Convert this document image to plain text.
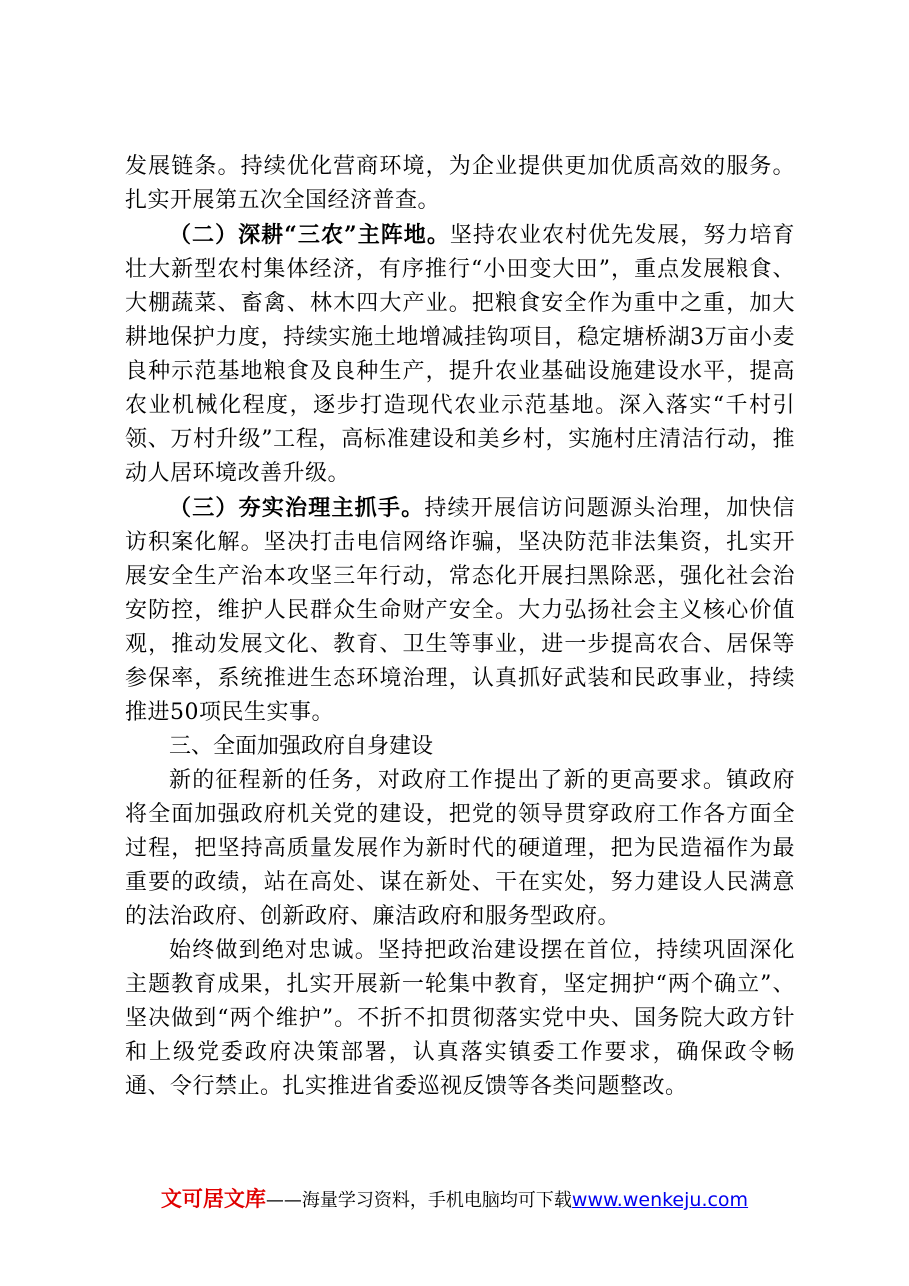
发展链条。持续优化营商环境，为企业提供更加优质高效的服务。扎实开展第五次全国经济普查。

（二）深耕“三农”主阵地。坚持农业农村优先发展，努力培育壮大新型农村集体经济，有序推行“小田变大田”，重点发展粮食、大棚蔬菜、畜禽、林木四大产业。把粮食安全作为重中之重，加大耕地保护力度，持续实施土地增减挂钩项目，稳定塘桥湖3万亩小麦良种示范基地粮食及良种生产，提升农业基础设施建设水平，提高农业机械化程度，逐步打造现代农业示范基地。深入落实“千村引领、万村升级”工程，高标准建设和美乡村，实施村庄清洁行动，推动人居环境改善升级。

（三）夯实治理主抓手。持续开展信访问题源头治理，加快信访积案化解。坚决打击电信网络诈骗，坚决防范非法集资，扎实开展安全生产治本攻坚三年行动，常态化开展扫黑除恶，强化社会治安防控，维护人民群众生命财产安全。大力弘扬社会主义核心价值观，推动发展文化、教育、卫生等事业，进一步提高农合、居保等参保率，系统推进生态环境治理，认真抓好武装和民政事业，持续推进50项民生实事。

三、全面加强政府自身建设

新的征程新的任务，对政府工作提出了新的更高要求。镇政府将全面加强政府机关党的建设，把党的领导贯穿政府工作各方面全过程，把坚持高质量发展作为新时代的硬道理，把为民造福作为最重要的政绩，站在高处、谋在新处、干在实处，努力建设人民满意的法治政府、创新政府、廉洁政府和服务型政府。

始终做到绝对忠诚。坚持把政治建设摆在首位，持续巩固深化主题教育成果，扎实开展新一轮集中教育，坚定拥护“两个确立”、坚决做到“两个维护”。不折不扣贯彻落实党中央、国务院大政方针和上级党委政府决策部署，认真落实镇委工作要求，确保政令畅通、令行禁止。扎实推进省委巡视反馈等各类问题整改。

文可居文库——海量学习资料，手机电脑均可下载www.wenkeju.com
